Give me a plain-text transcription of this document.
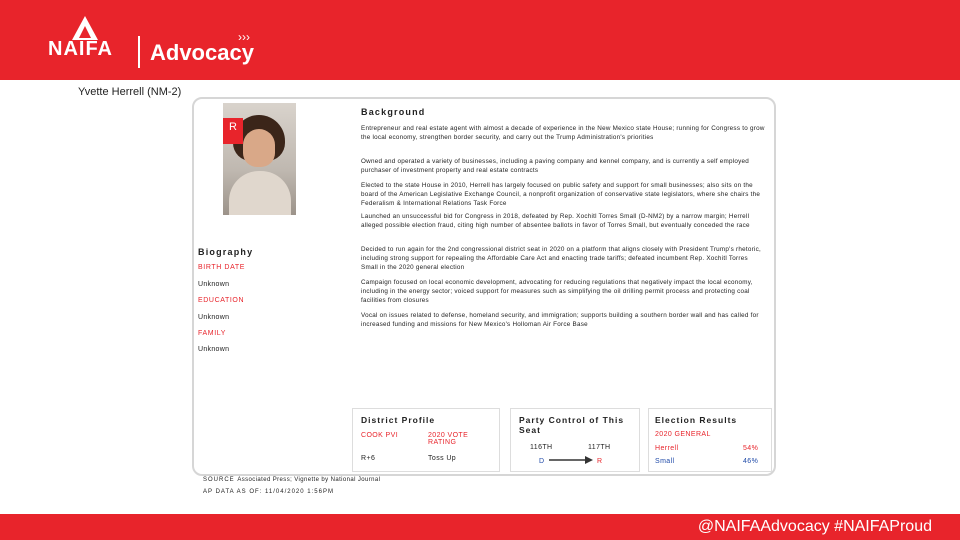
NAIFA Advocacy
›››
Yvette Herrell (NM-2)
R
Biography
BIRTH DATE
Unknown
EDUCATION
Unknown
FAMILY
Unknown
Background
Entrepreneur and real estate agent with almost a decade of experience in the New Mexico state House; running for Congress to grow the local economy, strengthen border security, and carry out the Trump Administration's priorities
Owned and operated a variety of businesses, including a paving company and kennel company, and is currently a self employed purchaser of investment property and real estate contracts
Elected to the state House in 2010, Herrell has largely focused on public safety and support for small businesses; also sits on the board of the American Legislative Exchange Council, a nonprofit organization of conservative state legislators, where she chairs the Federalism & International Relations Task Force
Launched an unsuccessful bid for Congress in 2018, defeated by Rep. Xochitl Torres Small (D-NM2) by a narrow margin; Herrell alleged possible election fraud, citing high number of absentee ballots in favor of Torres Small, but eventually conceded the race
Decided to run again for the 2nd congressional district seat in 2020 on a platform that aligns closely with President Trump's rhetoric, including strong support for repealing the Affordable Care Act and enacting trade tariffs; defeated incumbent Rep. Xochitl Torres Small in the 2020 general election
Campaign focused on local economic development, advocating for reducing regulations that negatively impact the local economy, including in the energy sector; voiced support for measures such as simplifying the oil drilling permit process and protecting coal facilities from closures
Vocal on issues related to defense, homeland security, and immigration; supports building a southern border wall and has called for increased funding and missions for New Mexico's Holloman Air Force Base
District Profile
COOK PVI	2020 VOTE RATING
R+6	Toss Up
Party Control of This Seat
116TH	117TH
D	R
Election Results
2020 GENERAL
Herrell	54%
Small	46%
SOURCE Associated Press; Vignette by National Journal
AP DATA AS OF: 11/04/2020 1:56PM
@NAIFAAdvocacy #NAIFAProud
